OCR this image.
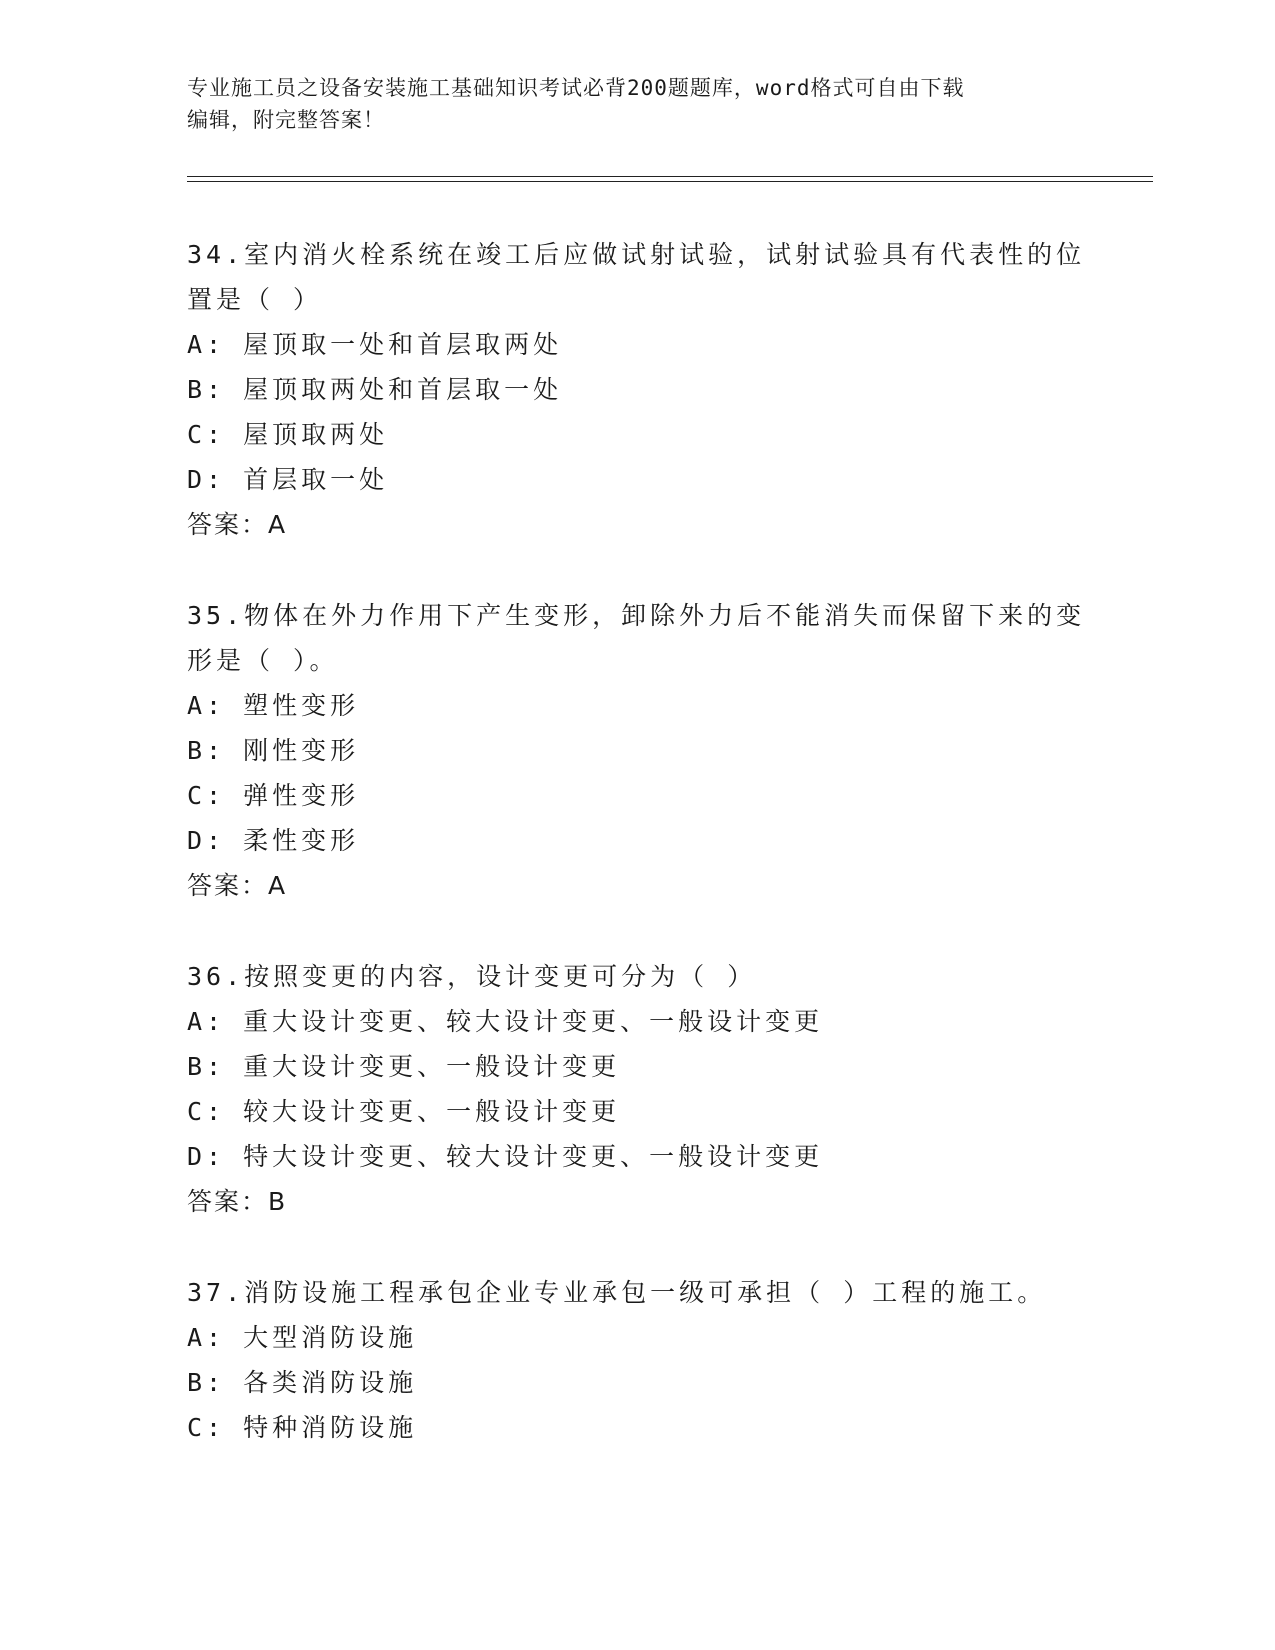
专业施工员之设备安装施工基础知识考试必背200题题库，word格式可自由下载
编辑，附完整答案！
34.室内消火栓系统在竣工后应做试射试验，试射试验具有代表性的位
置是（ ）
A: 屋顶取一处和首层取两处
B: 屋顶取两处和首层取一处
C: 屋顶取两处
D: 首层取一处
答案：A
35.物体在外力作用下产生变形，卸除外力后不能消失而保留下来的变
形是（ ）。
A: 塑性变形
B: 刚性变形
C: 弹性变形
D: 柔性变形
答案：A
36.按照变更的内容，设计变更可分为（ ）
A: 重大设计变更、较大设计变更、一般设计变更
B: 重大设计变更、一般设计变更
C: 较大设计变更、一般设计变更
D: 特大设计变更、较大设计变更、一般设计变更
答案：B
37.消防设施工程承包企业专业承包一级可承担（ ）工程的施工。
A: 大型消防设施
B: 各类消防设施
C: 特种消防设施
